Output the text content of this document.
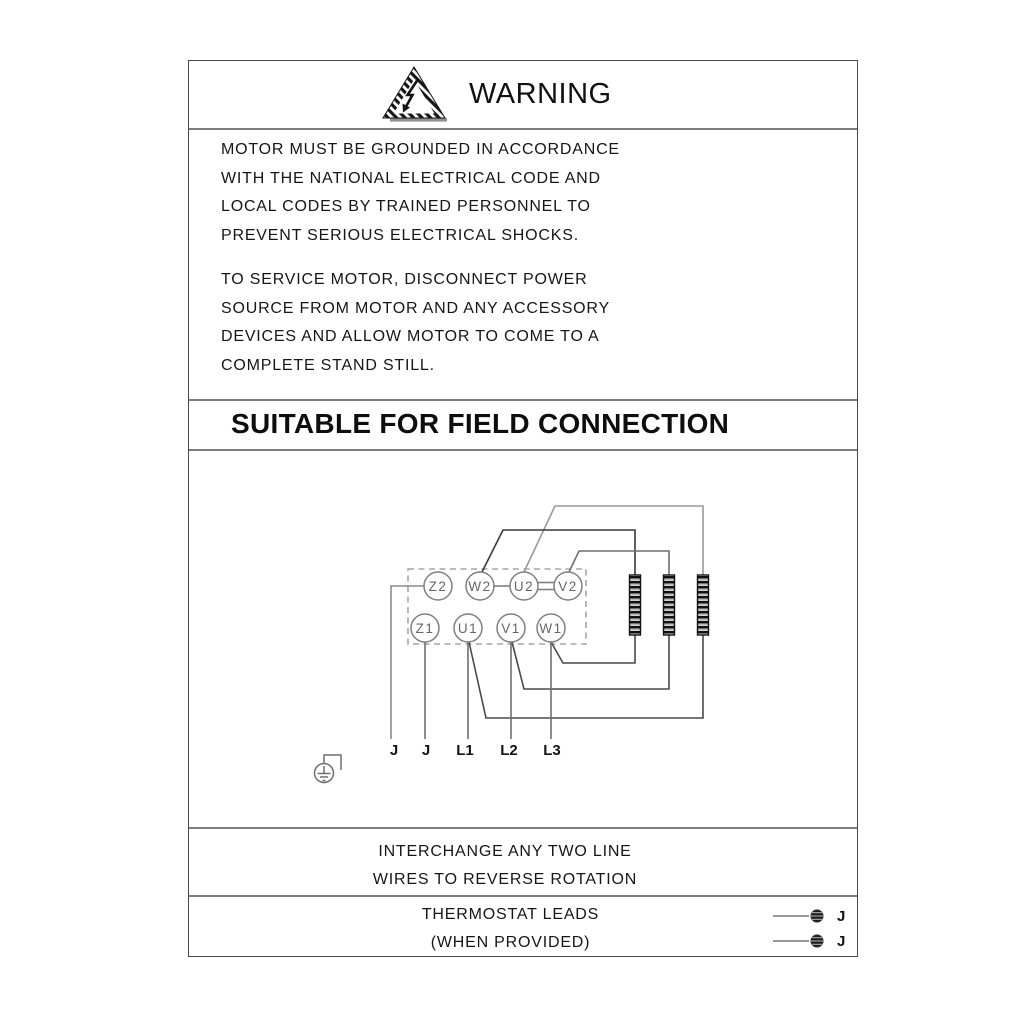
WARNING

MOTOR MUST BE GROUNDED IN ACCORDANCE
WITH THE NATIONAL ELECTRICAL CODE AND
LOCAL CODES BY TRAINED PERSONNEL TO
PREVENT SERIOUS ELECTRICAL SHOCKS.

TO SERVICE MOTOR, DISCONNECT POWER
SOURCE FROM MOTOR AND ANY ACCESSORY
DEVICES AND ALLOW MOTOR TO COME TO A
COMPLETE STAND STILL.

SUITABLE FOR FIELD CONNECTION
Z2 W2 U2 V2
Z1 U1 V1 W1
J J L1 L2 L3
INTERCHANGE ANY TWO LINE
WIRES TO REVERSE ROTATION
THERMOSTAT LEADS
(WHEN PROVIDED)
J
J
